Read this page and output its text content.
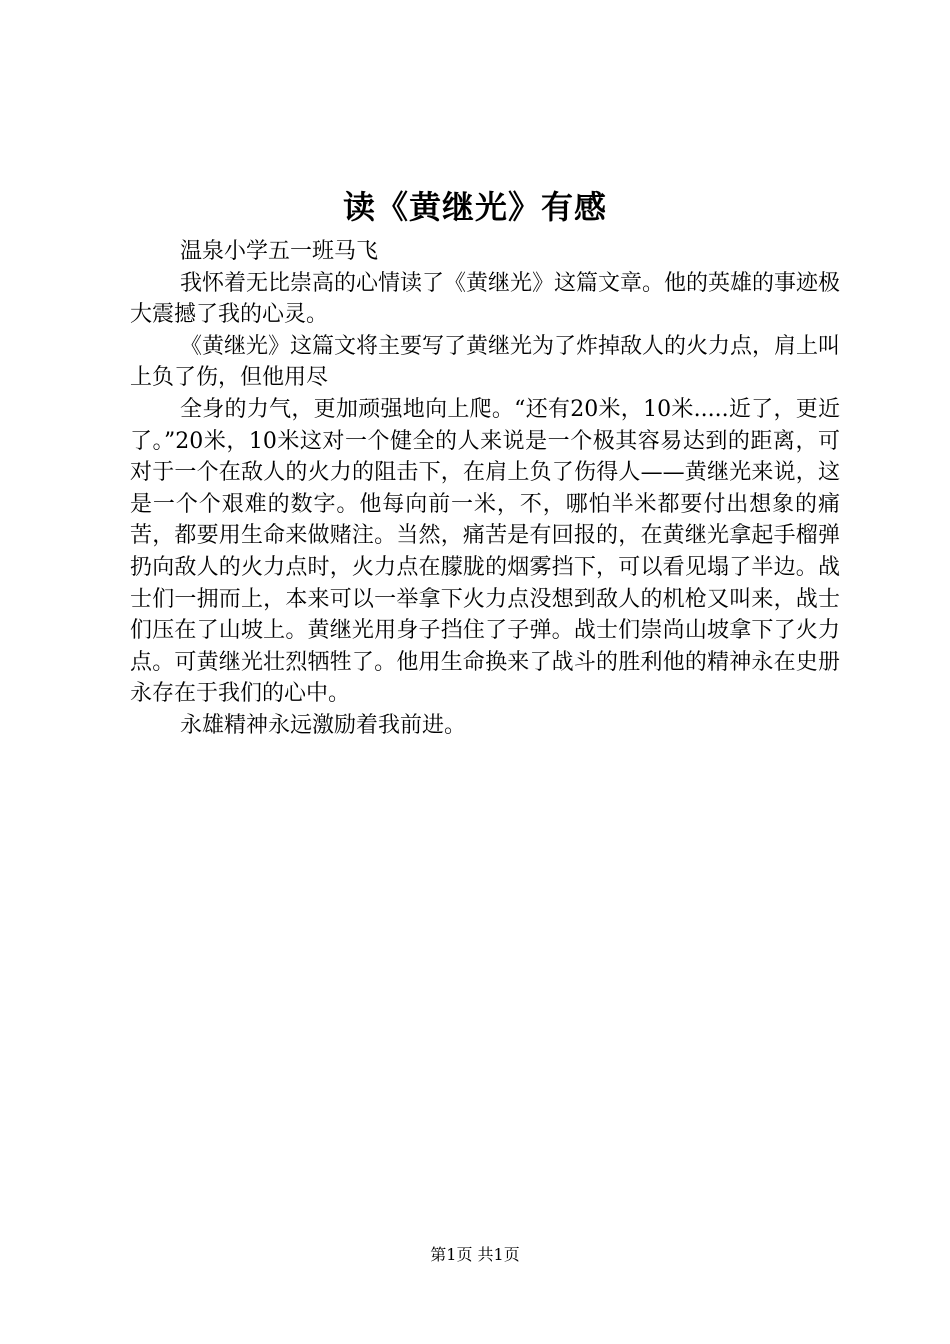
读《黄继光》有感

温泉小学五一班马飞

我怀着无比崇高的心情读了《黄继光》这篇文章。他的英雄的事迹极大震撼了我的心灵。

《黄继光》这篇文将主要写了黄继光为了炸掉敌人的火力点，肩上叫上负了伤，但他用尽

全身的力气，更加顽强地向上爬。“还有20米，10米.....近了，更近了。”20米，10米这对一个健全的人来说是一个极其容易达到的距离，可对于一个在敌人的火力的阻击下，在肩上负了伤得人——黄继光来说，这是一个个艰难的数字。他每向前一米，不，哪怕半米都要付出想象的痛苦，都要用生命来做赌注。当然，痛苦是有回报的，在黄继光拿起手榴弹扔向敌人的火力点时，火力点在朦胧的烟雾挡下，可以看见塌了半边。战士们一拥而上，本来可以一举拿下火力点没想到敌人的机枪又叫来，战士们压在了山坡上。黄继光用身子挡住了子弹。战士们崇尚山坡拿下了火力点。可黄继光壮烈牺牲了。他用生命换来了战斗的胜利他的精神永在史册永存在于我们的心中。

永雄精神永远激励着我前进。

第1页 共1页
